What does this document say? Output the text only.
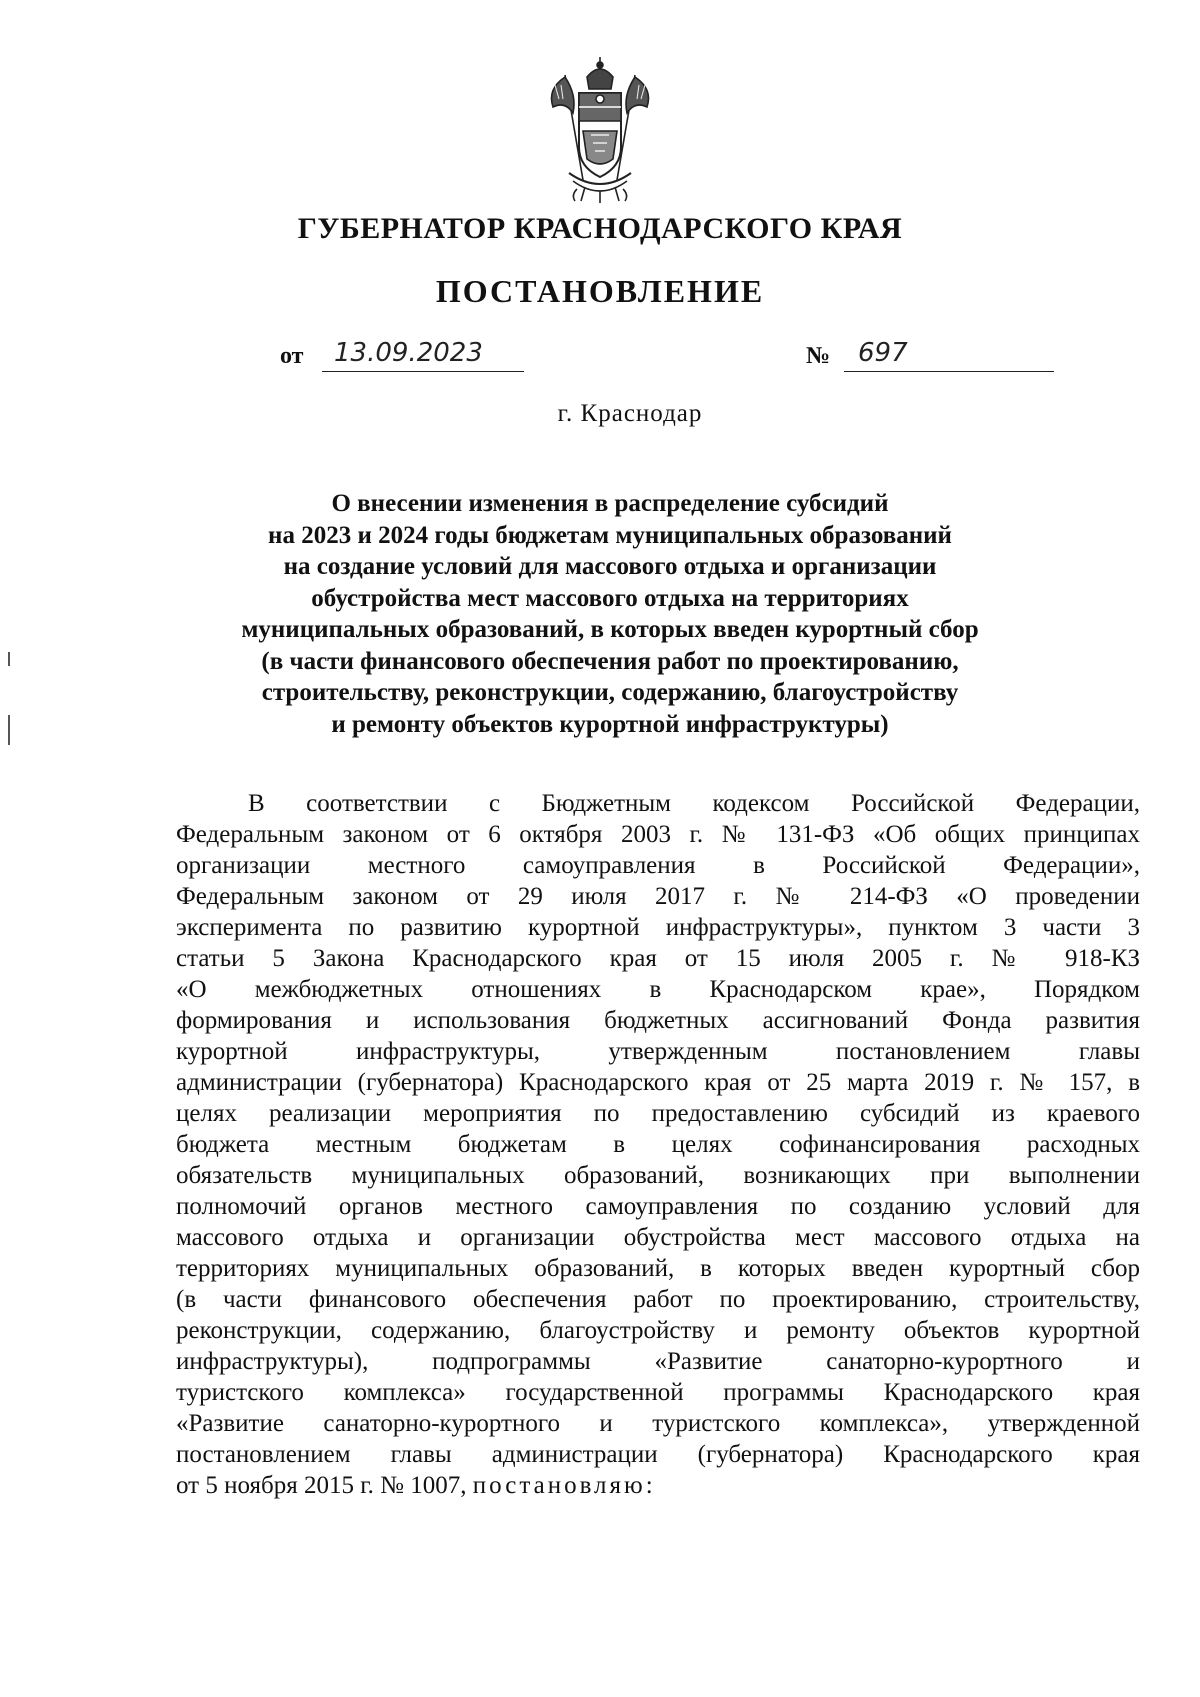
ГУБЕРНАТОР КРАСНОДАРСКОГО КРАЯ
ПОСТАНОВЛЕНИЕ
от	13.09.2023	№	697
г. Краснодар
О внесении изменения в распределение субсидий
на 2023 и 2024 годы бюджетам муниципальных образований
на создание условий для массового отдыха и организации
обустройства мест массового отдыха на территориях
муниципальных образований, в которых введен курортный сбор
(в части финансового обеспечения работ по проектированию,
строительству, реконструкции, содержанию, благоустройству
и ремонту объектов курортной инфраструктуры)
В соответствии с Бюджетным кодексом Российской Федерации,
Федеральным законом от 6 октября 2003 г. № 131-ФЗ «Об общих принципах
организации местного самоуправления в Российской Федерации»,
Федеральным законом от 29 июля 2017 г. № 214-ФЗ «О проведении
эксперимента по развитию курортной инфраструктуры», пунктом 3 части 3
статьи 5 Закона Краснодарского края от 15 июля 2005 г. № 918-КЗ
«О межбюджетных отношениях в Краснодарском крае», Порядком
формирования и использования бюджетных ассигнований Фонда развития
курортной инфраструктуры, утвержденным постановлением главы
администрации (губернатора) Краснодарского края от 25 марта 2019 г. № 157, в
целях реализации мероприятия по предоставлению субсидий из краевого
бюджета местным бюджетам в целях софинансирования расходных
обязательств муниципальных образований, возникающих при выполнении
полномочий органов местного самоуправления по созданию условий для
массового отдыха и организации обустройства мест массового отдыха на
территориях муниципальных образований, в которых введен курортный сбор
(в части финансового обеспечения работ по проектированию, строительству,
реконструкции, содержанию, благоустройству и ремонту объектов курортной
инфраструктуры), подпрограммы «Развитие санаторно-курортного и
туристского комплекса» государственной программы Краснодарского края
«Развитие санаторно-курортного и туристского комплекса», утвержденной
постановлением главы администрации (губернатора) Краснодарского края
от 5 ноября 2015 г. № 1007, постановляю:
